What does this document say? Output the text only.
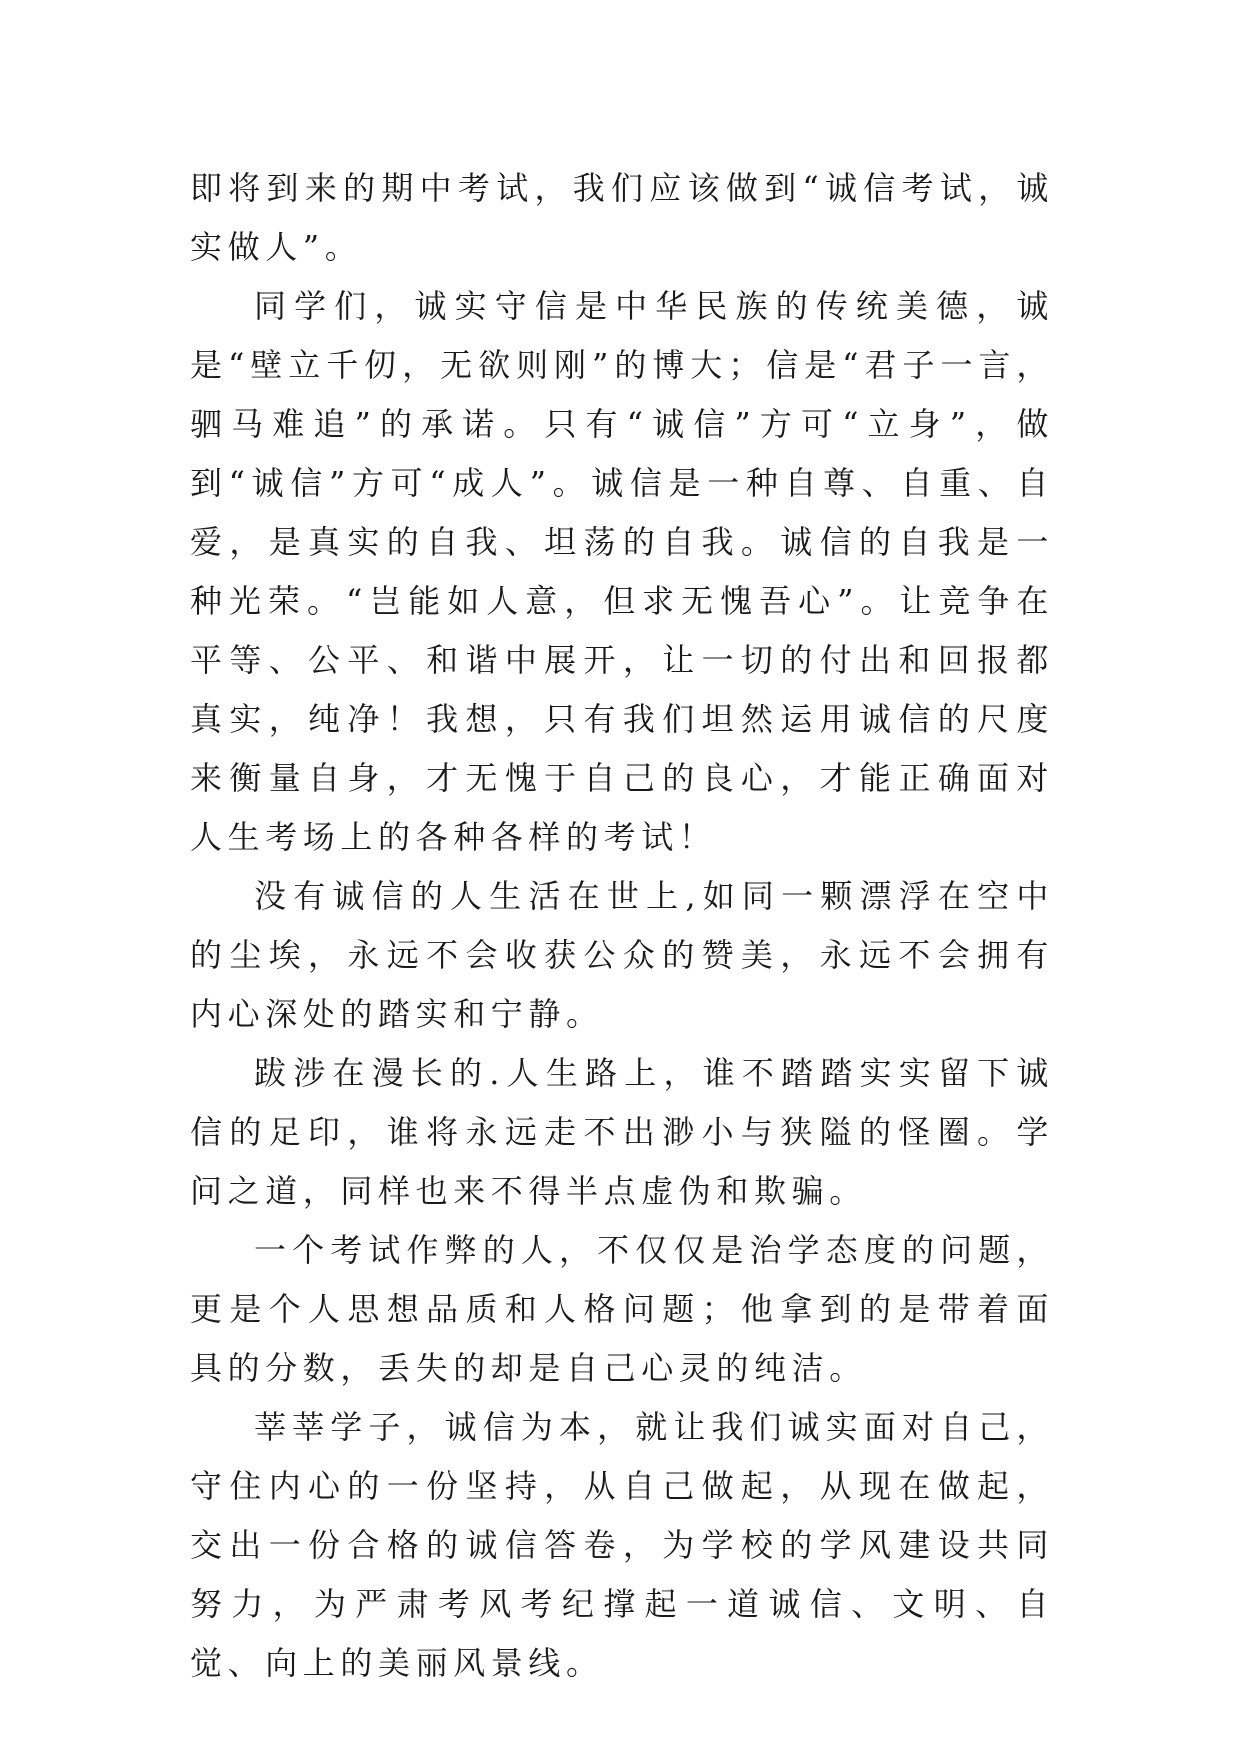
即将到来的期中考试，我们应该做到“诚信考试，诚实做人”。

同学们，诚实守信是中华民族的传统美德，诚是“壁立千仞，无欲则刚”的博大；信是“君子一言，驷马难追”的承诺。只有“诚信”方可“立身”，做到“诚信”方可“成人”。诚信是一种自尊、自重、自爱，是真实的自我、坦荡的自我。诚信的自我是一种光荣。“岂能如人意，但求无愧吾心”。让竞争在平等、公平、和谐中展开，让一切的付出和回报都真实，纯净！我想，只有我们坦然运用诚信的尺度来衡量自身，才无愧于自己的良心，才能正确面对人生考场上的各种各样的考试！

没有诚信的人生活在世上,如同一颗漂浮在空中的尘埃，永远不会收获公众的赞美，永远不会拥有内心深处的踏实和宁静。

跋涉在漫长的.人生路上，谁不踏踏实实留下诚信的足印，谁将永远走不出渺小与狭隘的怪圈。学问之道，同样也来不得半点虚伪和欺骗。

一个考试作弊的人，不仅仅是治学态度的问题，更是个人思想品质和人格问题；他拿到的是带着面具的分数，丢失的却是自己心灵的纯洁。

莘莘学子，诚信为本，就让我们诚实面对自己，守住内心的一份坚持，从自己做起，从现在做起，交出一份合格的诚信答卷，为学校的学风建设共同努力，为严肃考风考纪撑起一道诚信、文明、自觉、向上的美丽风景线。
